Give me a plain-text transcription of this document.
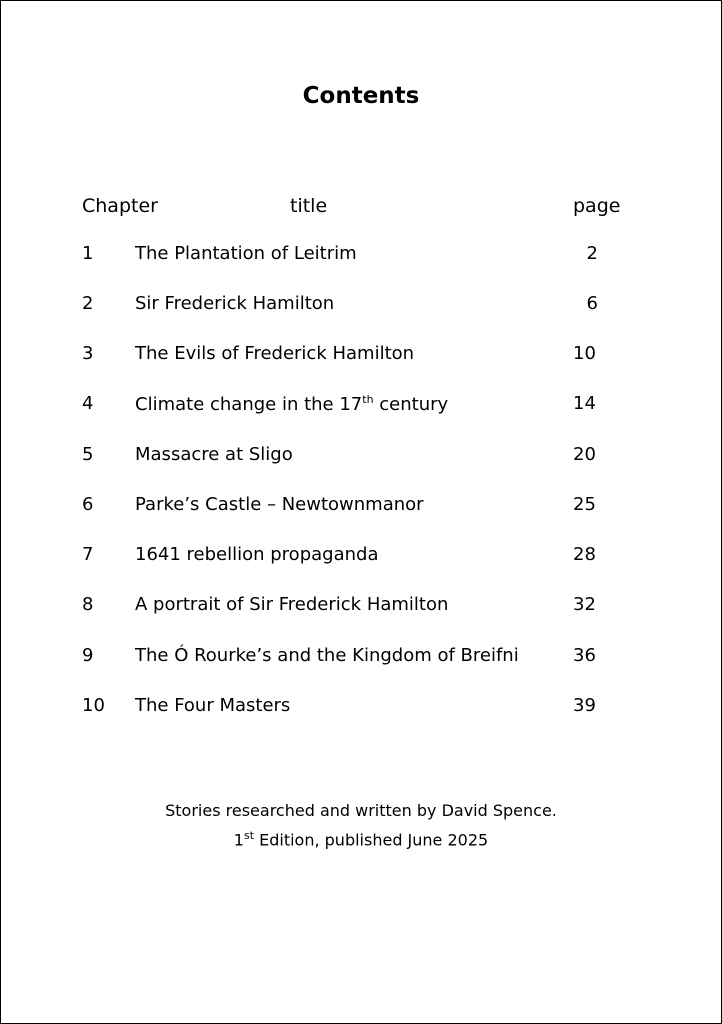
Contents
Chapter	title	page
1 The Plantation of Leitrim	2
2 Sir Frederick Hamilton	6
3 The Evils of Frederick Hamilton	10
4 Climate change in the 17th century	14
5 Massacre at Sligo	20
6 Parke’s Castle – Newtownmanor	25
7 1641 rebellion propaganda	28
8 A portrait of Sir Frederick Hamilton	32
9 The Ó Rourke’s and the Kingdom of Breifni	36
10 The Four Masters	39
Stories researched and written by David Spence.
1st Edition, published June 2025
